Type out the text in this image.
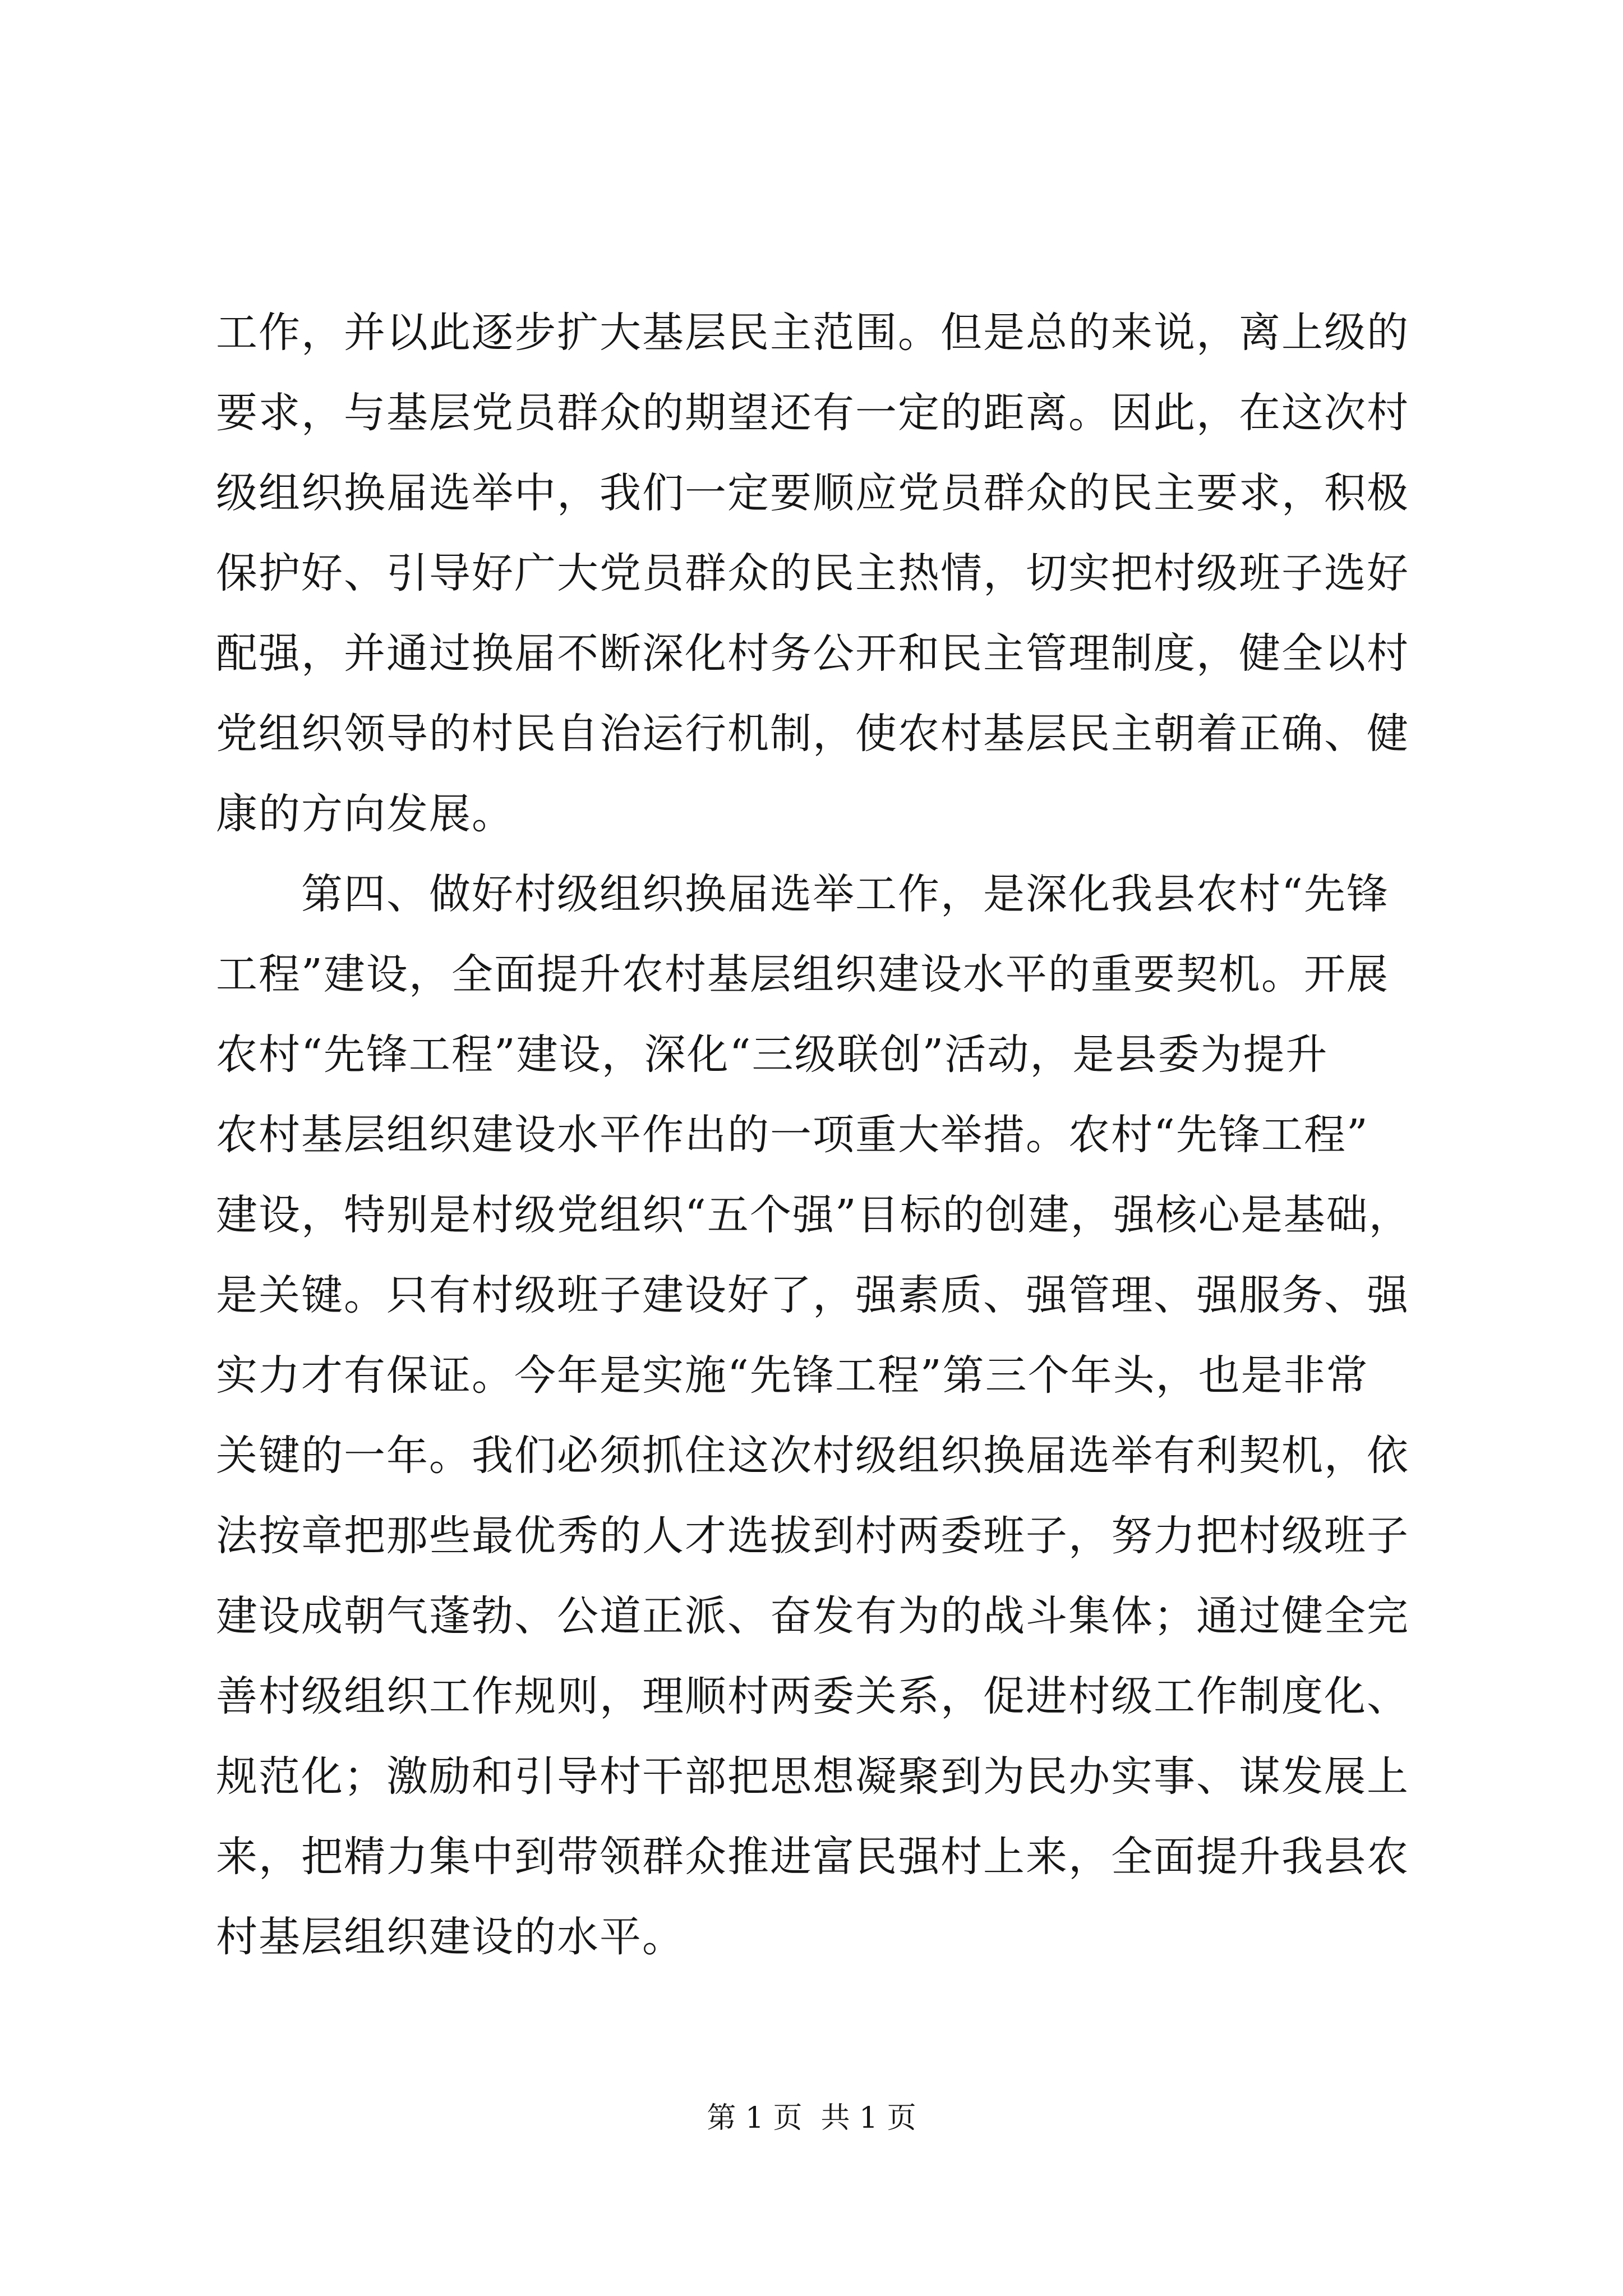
工作，并以此逐步扩大基层民主范围。但是总的来说，离上级的
要求，与基层党员群众的期望还有一定的距离。因此，在这次村
级组织换届选举中，我们一定要顺应党员群众的民主要求，积极
保护好、引导好广大党员群众的民主热情，切实把村级班子选好
配强，并通过换届不断深化村务公开和民主管理制度，健全以村
党组织领导的村民自治运行机制，使农村基层民主朝着正确、健
康的方向发展。
第四、做好村级组织换届选举工作，是深化我县农村“先锋
工程”建设，全面提升农村基层组织建设水平的重要契机。开展
农村“先锋工程”建设，深化“三级联创”活动，是县委为提升
农村基层组织建设水平作出的一项重大举措。农村“先锋工程”
建设，特别是村级党组织“五个强”目标的创建，强核心是基础，
是关键。只有村级班子建设好了，强素质、强管理、强服务、强
实力才有保证。今年是实施“先锋工程”第三个年头，也是非常
关键的一年。我们必须抓住这次村级组织换届选举有利契机，依
法按章把那些最优秀的人才选拔到村两委班子，努力把村级班子
建设成朝气蓬勃、公道正派、奋发有为的战斗集体；通过健全完
善村级组织工作规则，理顺村两委关系，促进村级工作制度化、
规范化；激励和引导村干部把思想凝聚到为民办实事、谋发展上
来，把精力集中到带领群众推进富民强村上来，全面提升我县农
村基层组织建设的水平。
第 1 页  共 1 页
